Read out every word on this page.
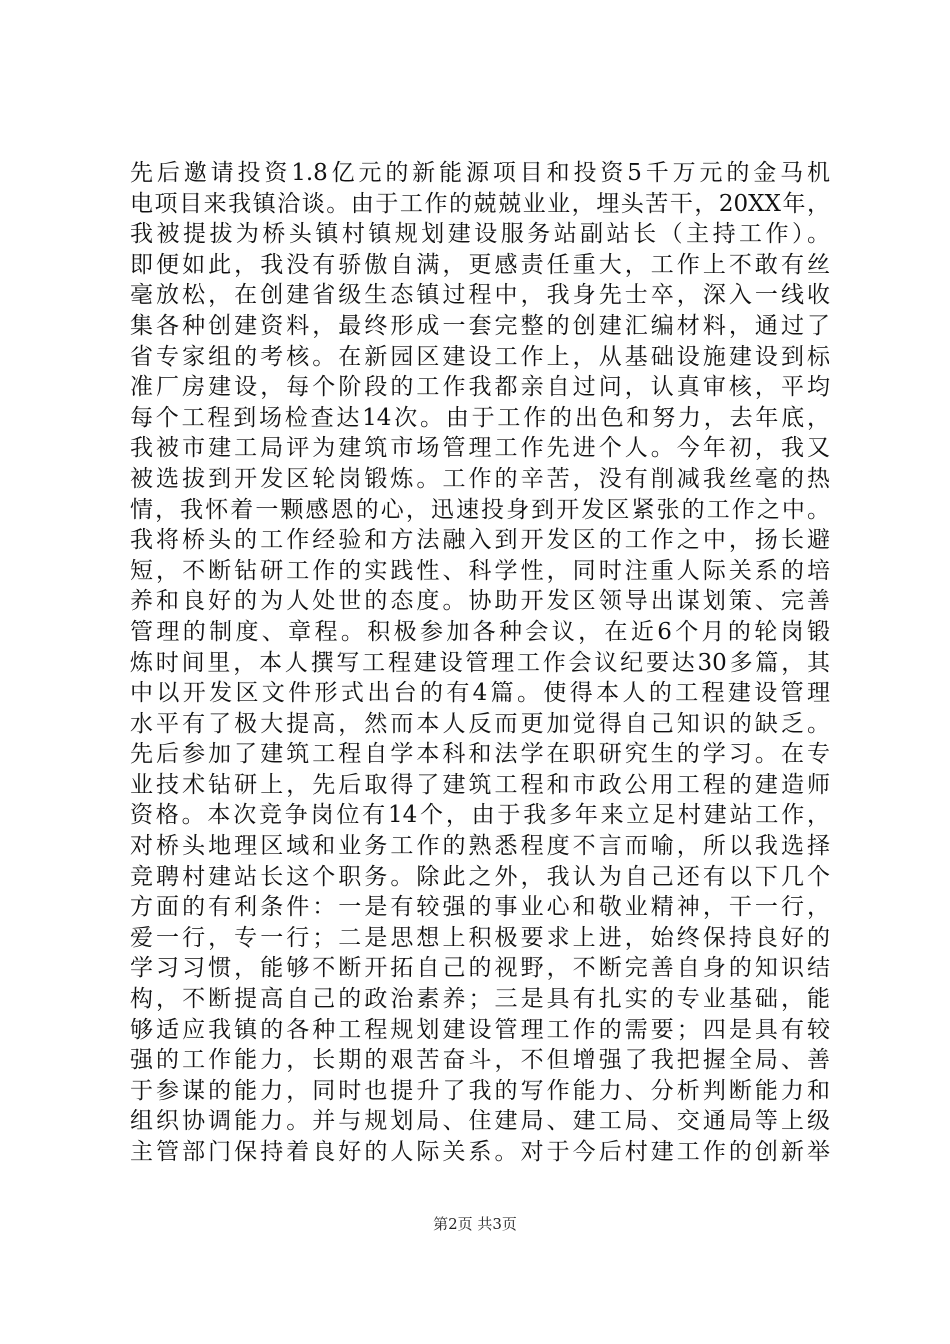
先后邀请投资1.8亿元的新能源项目和投资5千万元的金马机
电项目来我镇洽谈。由于工作的兢兢业业，埋头苦干，20XX年，
我被提拔为桥头镇村镇规划建设服务站副站长（主持工作）。
即便如此，我没有骄傲自满，更感责任重大，工作上不敢有丝
毫放松，在创建省级生态镇过程中，我身先士卒，深入一线收
集各种创建资料，最终形成一套完整的创建汇编材料，通过了
省专家组的考核。在新园区建设工作上，从基础设施建设到标
准厂房建设，每个阶段的工作我都亲自过问，认真审核，平均
每个工程到场检查达14次。由于工作的出色和努力，去年底，
我被市建工局评为建筑市场管理工作先进个人。今年初，我又
被选拔到开发区轮岗锻炼。工作的辛苦，没有削减我丝毫的热
情，我怀着一颗感恩的心，迅速投身到开发区紧张的工作之中。
我将桥头的工作经验和方法融入到开发区的工作之中，扬长避
短，不断钻研工作的实践性、科学性，同时注重人际关系的培
养和良好的为人处世的态度。协助开发区领导出谋划策、完善
管理的制度、章程。积极参加各种会议，在近6个月的轮岗锻
炼时间里，本人撰写工程建设管理工作会议纪要达30多篇，其
中以开发区文件形式出台的有4篇。使得本人的工程建设管理
水平有了极大提高，然而本人反而更加觉得自己知识的缺乏。
先后参加了建筑工程自学本科和法学在职研究生的学习。在专
业技术钻研上，先后取得了建筑工程和市政公用工程的建造师
资格。本次竞争岗位有14个，由于我多年来立足村建站工作，
对桥头地理区域和业务工作的熟悉程度不言而喻，所以我选择
竞聘村建站长这个职务。除此之外，我认为自己还有以下几个
方面的有利条件：一是有较强的事业心和敬业精神，干一行，
爱一行，专一行；二是思想上积极要求上进，始终保持良好的
学习习惯，能够不断开拓自己的视野，不断完善自身的知识结
构，不断提高自己的政治素养；三是具有扎实的专业基础，能
够适应我镇的各种工程规划建设管理工作的需要；四是具有较
强的工作能力，长期的艰苦奋斗，不但增强了我把握全局、善
于参谋的能力，同时也提升了我的写作能力、分析判断能力和
组织协调能力。并与规划局、住建局、建工局、交通局等上级
主管部门保持着良好的人际关系。对于今后村建工作的创新举
第2页 共3页
